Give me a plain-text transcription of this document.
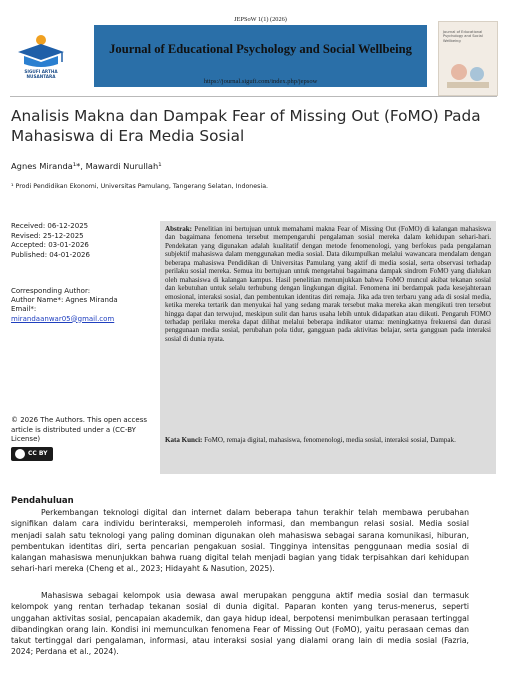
JEPSoW 1(1) (2026)
SIGUFI ARTHA NUSANTARA
Journal of Educational Psychology and Social Wellbeing
https://journal.sigufi.com/index.php/jepsow
Journal of Educational Psychology and Social Wellbeing
Analisis Makna dan Dampak Fear of Missing Out (FoMO) Pada Mahasiswa di Era Media Sosial
Agnes Miranda¹*, Mawardi Nurullah¹
¹ Prodi Pendidikan Ekonomi, Universitas Pamulang, Tangerang Selatan, Indonesia.
Received: 06-12-2025
Revised: 25-12-2025
Accepted: 03-01-2026
Published: 04-01-2026
Corresponding Author:
Author Name*: Agnes Miranda
Email*:
mirandaanwar05@gmail.com
© 2026 The Authors. This open access article is distributed under a (CC-BY License)
CC BY
Abstrak: Penelitian ini bertujuan untuk memahami makna Fear of Missing Out (FoMO) di kalangan mahasiswa dan bagaimana fenomena tersebut mempengaruhi pengalaman sosial mereka dalam kehidupan sehari-hari. Pendekatan yang digunakan adalah kualitatif dengan metode fenomenologi, yang berfokus pada pengalaman subjektif mahasiswa dalam menggunakan media sosial. Data dikumpulkan melalui wawancara mendalam dengan beberapa mahasiswa Pendidikan di Universitas Pamulang yang aktif di media sosial, serta observasi terhadap perilaku sosial mereka. Semua itu bertujuan untuk mengetahui bagaimana dampak sindrom FoMO yang dialukan oleh mahasiswa di kalangan kampus. Hasil penelitian menunjukkan bahwa FoMO muncul akibat tekanan sosial dan kebutuhan untuk selalu terhubung dengan lingkungan digital. Fenomena ini berdampak pada kesejahteraan emosional, interaksi sosial, dan pembentukan identitas diri remaja. Jika ada tren terbaru yang ada di sosial media, ketika mereka tertarik dan menyukai hal yang sedang marak tersebut maka mereka akan mengikuti tren tersebut hingga dapat dan terwujud, meskipun sulit dan harus usaha lebih untuk didapatkan atau diikuti. Pengaruh FOMO terhadap perilaku mereka dapat dilihat melalui beberapa indikator utama: meningkatnya frekuensi dan durasi penggunaan media sosial, perubahan pola tidur, gangguan pada aktivitas belajar, serta gangguan pada interaksi sosial di dunia nyata.
Kata Kunci: FoMO, remaja digital, mahasiswa, fenomenologi, media sosial, interaksi sosial, Dampak.
Pendahuluan
Perkembangan teknologi digital dan internet dalam beberapa tahun terakhir telah membawa perubahan signifikan dalam cara individu berinteraksi, memperoleh informasi, dan membangun relasi sosial. Media sosial menjadi salah satu teknologi yang paling dominan digunakan oleh mahasiswa sebagai sarana komunikasi, hiburan, pembentukan identitas diri, serta pencarian pengakuan sosial. Tingginya intensitas penggunaan media sosial di kalangan mahasiswa menunjukkan bahwa ruang digital telah menjadi bagian yang tidak terpisahkan dari kehidupan sehari-hari mereka (Cheng et al., 2023; Hidayaht & Nasution, 2025).
Mahasiswa sebagai kelompok usia dewasa awal merupakan pengguna aktif media sosial dan termasuk kelompok yang rentan terhadap tekanan sosial di dunia digital. Paparan konten yang terus-menerus, seperti unggahan aktivitas sosial, pencapaian akademik, dan gaya hidup ideal, berpotensi menimbulkan perasaan tertinggal dibandingkan orang lain. Kondisi ini memunculkan fenomena Fear of Missing Out (FoMO), yaitu perasaan cemas dan takut tertinggal dari pengalaman, informasi, atau interaksi sosial yang dialami orang lain di media sosial (Fazria, 2024; Perdana et al., 2024).
